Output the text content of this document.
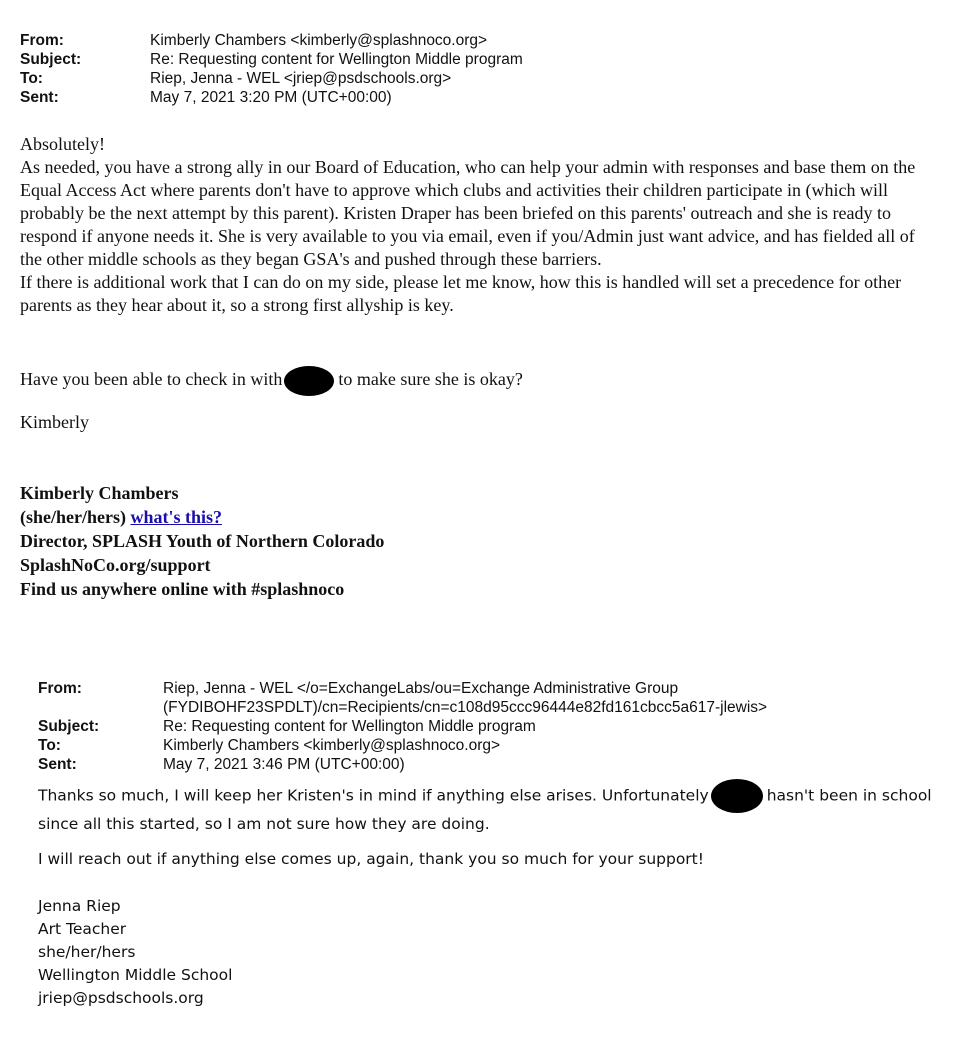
From:	Kimberly Chambers <kimberly@splashnoco.org>
Subject:	Re: Requesting content for Wellington Middle program
To:	Riep, Jenna - WEL <jriep@psdschools.org>
Sent:	May 7, 2021 3:20 PM (UTC+00:00)

Absolutely!

As needed, you have a strong ally in our Board of Education, who can help your admin with responses and base them on the Equal Access Act where parents don't have to approve which clubs and activities their children participate in (which will probably be the next attempt by this parent). Kristen Draper has been briefed on this parents' outreach and she is ready to respond if anyone needs it. She is very available to you via email, even if you/Admin just want advice, and has fielded all of the other middle schools as they began GSA's and pushed through these barriers.

If there is additional work that I can do on my side, please let me know, how this is handled will set a precedence for other parents as they hear about it, so a strong first allyship is key.

Have you been able to check in with	to make sure she is okay?
Kimberly
Kimberly Chambers
(she/her/hers) what's this?
Director, SPLASH Youth of Northern Colorado
SplashNoCo.org/support
Find us anywhere online with #splashnoco
From:	Riep, Jenna - WEL </o=ExchangeLabs/ou=Exchange Administrative Group
(FYDIBOHF23SPDLT)/cn=Recipients/cn=c108d95ccc96444e82fd161cbcc5a617-jlewis>
Subject:	Re: Requesting content for Wellington Middle program
To:	Kimberly Chambers <kimberly@splashnoco.org>
Sent:	May 7, 2021 3:46 PM (UTC+00:00)

Thanks so much, I will keep her Kristen's in mind if anything else arises. Unfortunately	hasn't been in school since all this started, so I am not sure how they are doing.

I will reach out if anything else comes up, again, thank you so much for your support!
Jenna Riep
Art Teacher
she/her/hers
Wellington Middle School
jriep@psdschools.org
